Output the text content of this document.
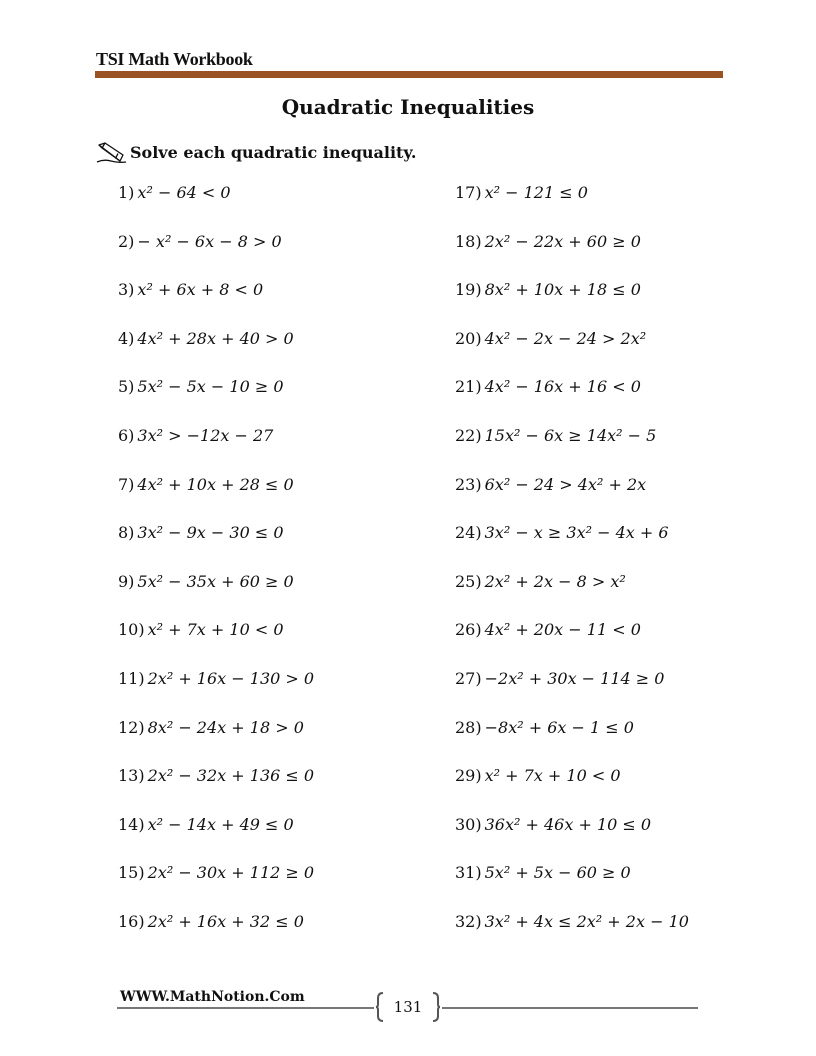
TSI Math Workbook
Quadratic Inequalities
Solve each quadratic inequality.
1) x² − 64 < 0
2) − x² − 6x − 8 > 0
3) x² + 6x + 8 < 0
4) 4x² + 28x + 40 > 0
5) 5x² − 5x − 10 ≥ 0
6) 3x² > −12x − 27
7) 4x² + 10x + 28 ≤ 0
8) 3x² − 9x − 30 ≤ 0
9) 5x² − 35x + 60 ≥ 0
10) x² + 7x + 10 < 0
11) 2x² + 16x − 130 > 0
12) 8x² − 24x + 18 > 0
13) 2x² − 32x + 136 ≤ 0
14) x² − 14x + 49 ≤ 0
15) 2x² − 30x + 112 ≥ 0
16) 2x² + 16x + 32 ≤ 0
17) x² − 121 ≤ 0
18) 2x² − 22x + 60 ≥ 0
19) 8x² + 10x + 18 ≤ 0
20) 4x² − 2x − 24 > 2x²
21) 4x² − 16x + 16 < 0
22) 15x² − 6x ≥ 14x² − 5
23) 6x² − 24 > 4x² + 2x
24) 3x² − x ≥ 3x² − 4x + 6
25) 2x² + 2x − 8 > x²
26) 4x² + 20x − 11 < 0
27) −2x² + 30x − 114 ≥ 0
28) −8x² + 6x − 1 ≤ 0
29) x² + 7x + 10 < 0
30) 36x² + 46x + 10 ≤ 0
31) 5x² + 5x − 60 ≥ 0
32) 3x² + 4x ≤ 2x² + 2x − 10
WWW.MathNotion.Com
131
